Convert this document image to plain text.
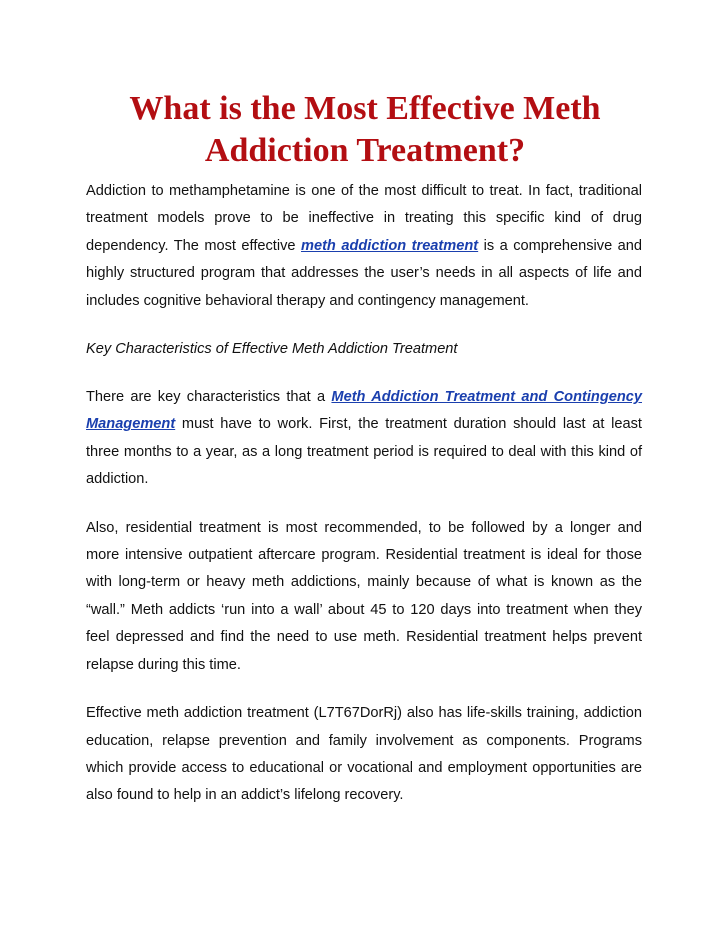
What is the Most Effective Meth
Addiction Treatment?

Addiction to methamphetamine is one of the most difficult to treat. In fact, traditional treatment models prove to be ineffective in treating this specific kind of drug dependency. The most effective meth addiction treatment is a comprehensive and highly structured program that addresses the user’s needs in all aspects of life and includes cognitive behavioral therapy and contingency management.

Key Characteristics of Effective Meth Addiction Treatment

There are key characteristics that a Meth Addiction Treatment and Contingency Management must have to work. First, the treatment duration should last at least three months to a year, as a long treatment period is required to deal with this kind of addiction.

Also, residential treatment is most recommended, to be followed by a longer and more intensive outpatient aftercare program. Residential treatment is ideal for those with long-term or heavy meth addictions, mainly because of what is known as the “wall.” Meth addicts ‘run into a wall’ about 45 to 120 days into treatment when they feel depressed and find the need to use meth. Residential treatment helps prevent relapse during this time.

Effective meth addiction treatment (L7T67DorRj) also has life-skills training, addiction education, relapse prevention and family involvement as components. Programs which provide access to educational or vocational and employment opportunities are also found to help in an addict’s lifelong recovery.
